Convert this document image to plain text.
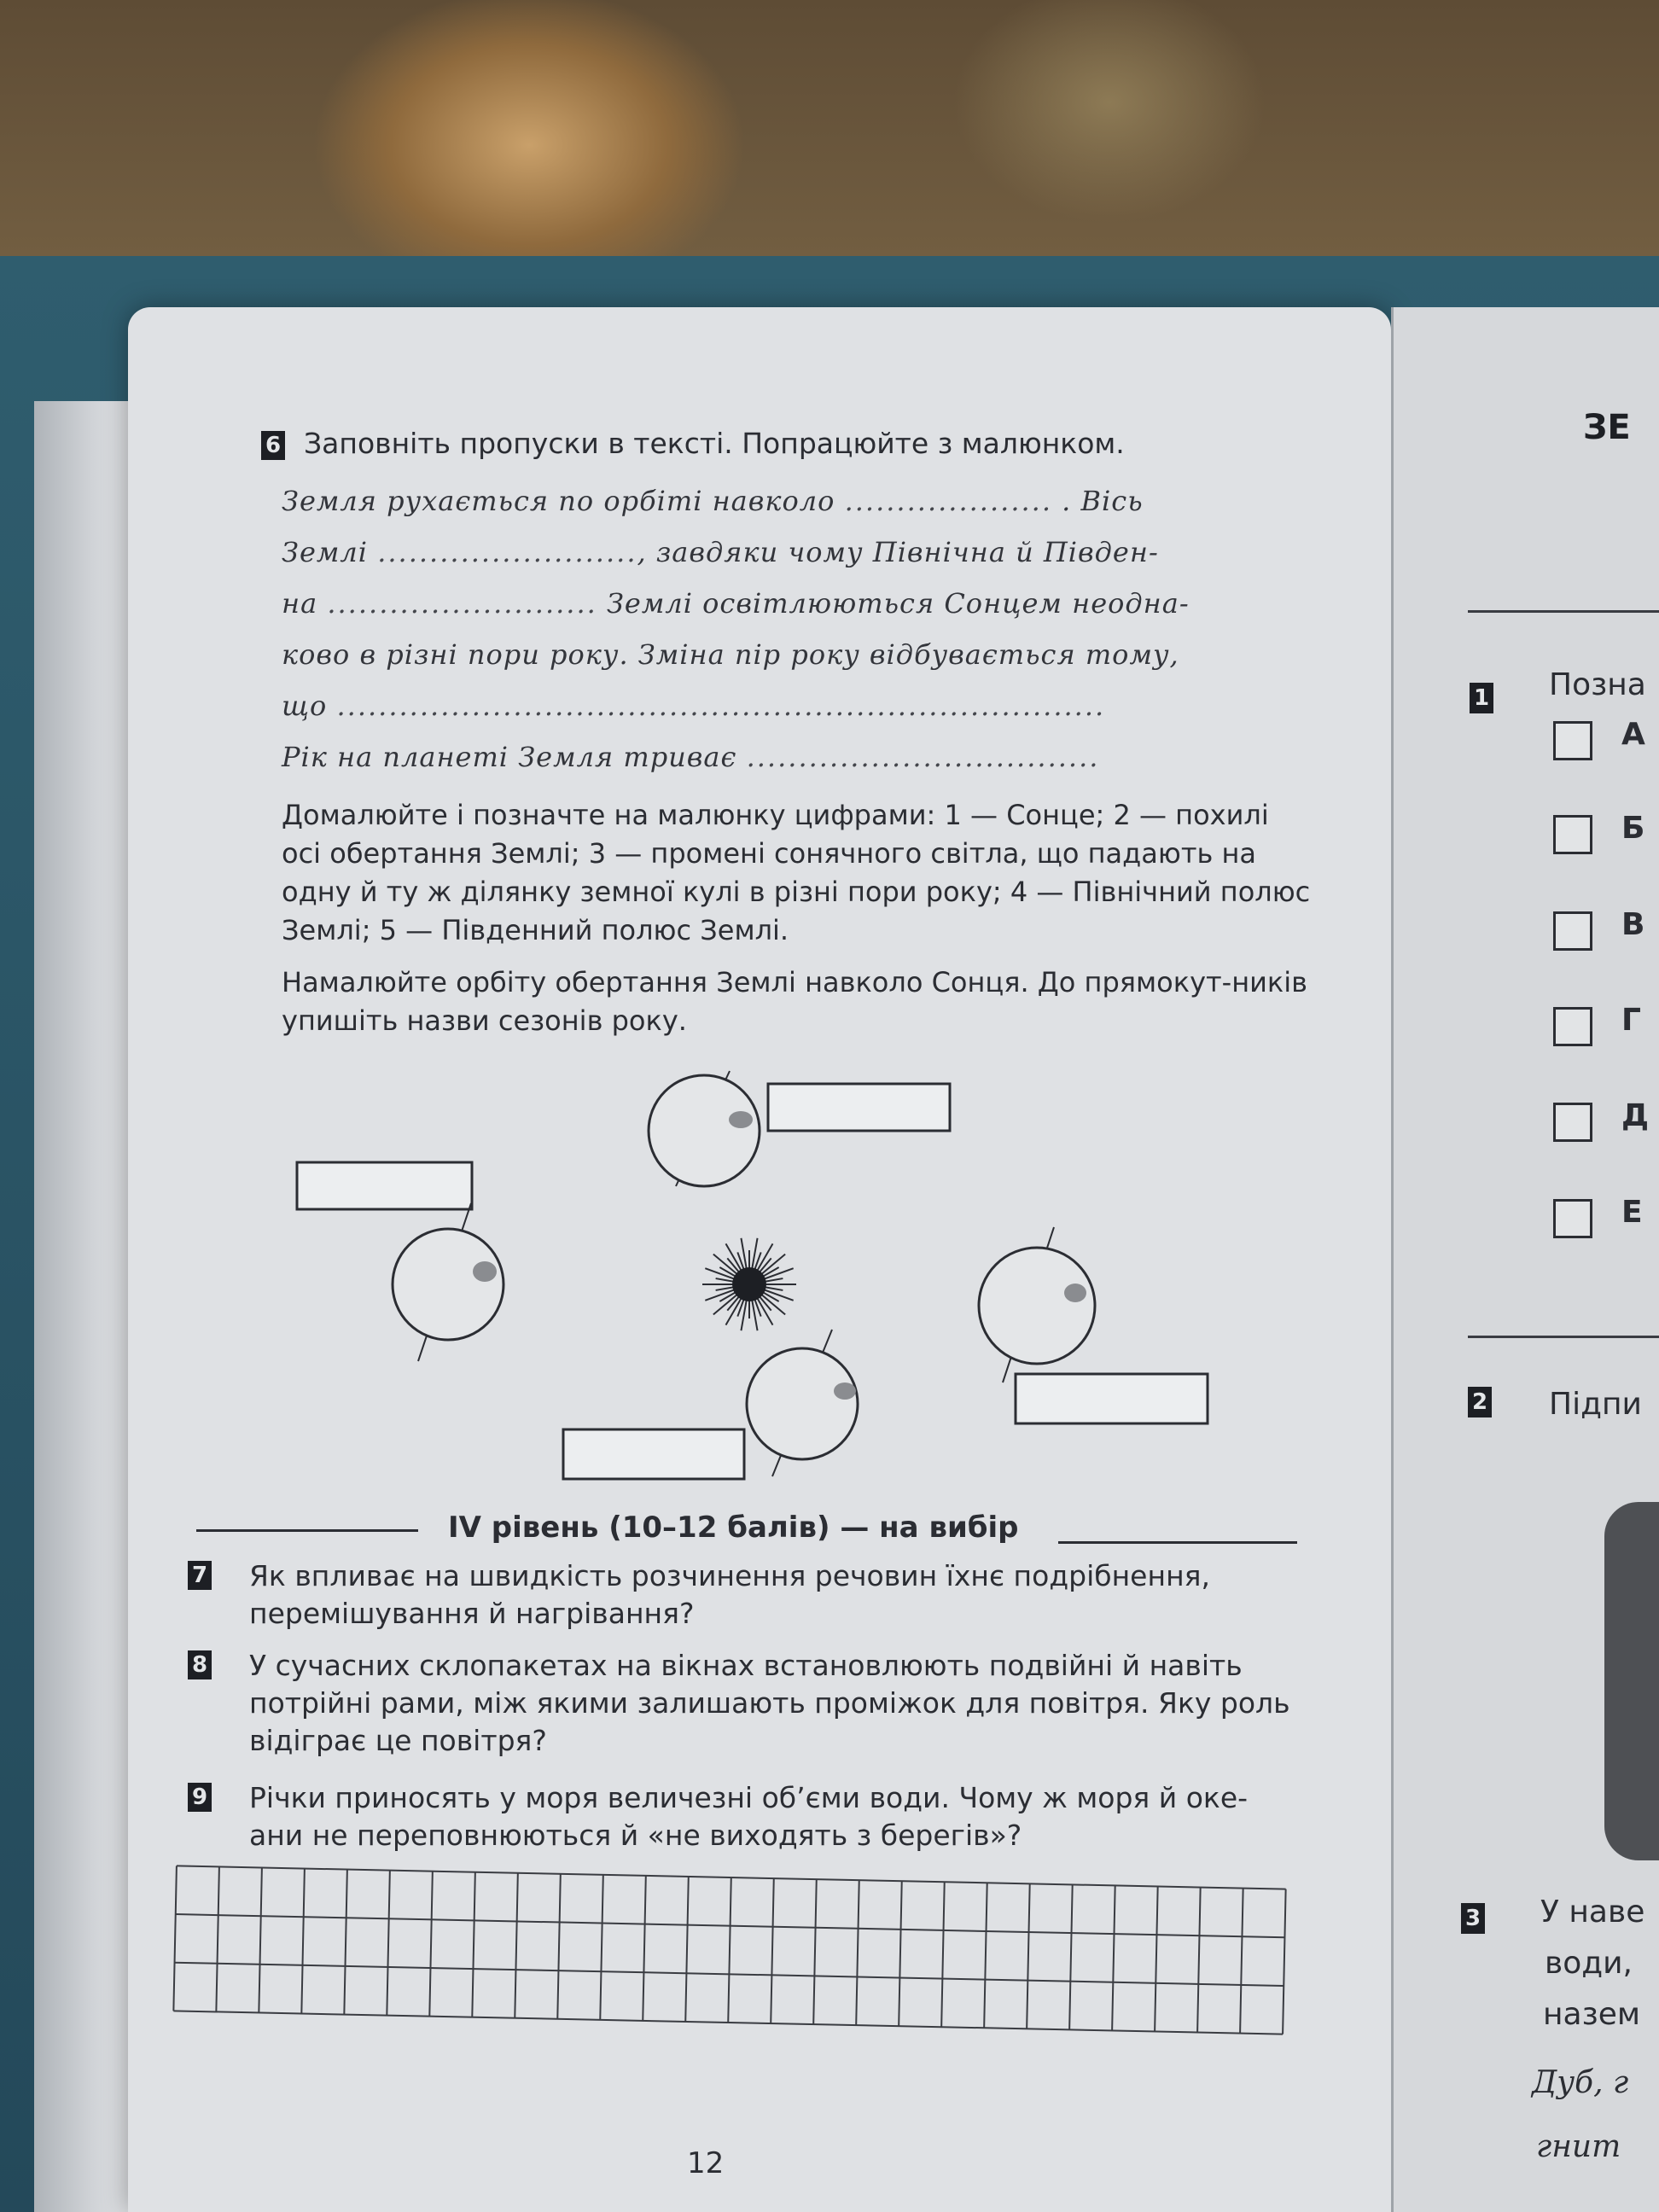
6 Заповніть пропуски в тексті. Попрацюйте з малюнком.
Земля рухається по орбіті навколо .................... . Вісь
Землі ........................., завдяки чому Північна й Півден-
на .......................... Землі освітлюються Сонцем неодна-
ково в різні пори року. Зміна пір року відбувається тому,
що ..........................................................................
Рік на планеті Земля триває ..................................
Домалюйте і позначте на малюнку цифрами: 1 — Сонце; 2 — похилі осі обертання Землі; 3 — промені сонячного світла, що падають на одну й ту ж ділянку земної кулі в різні пори року; 4 — Північний полюс Землі; 5 — Південний полюс Землі.
Намалюйте орбіту обертання Землі навколо Сонця. До прямокут-ників упишіть назви сезонів року.
IV рівень (10–12 балів) — на вибір
7 Як впливає на швидкість розчинення речовин їхнє подрібнення, перемішування й нагрівання?
8 У сучасних склопакетах на вікнах встановлюють подвійні й навіть потрійні рами, між якими залишають проміжок для повітря. Яку роль відіграє це повітря?
9 Річки приносять у моря величезні об’єми води. Чому ж моря й оке-ани не переповнюються й «не виходять з берегів»?
12
ЗЕ
1 Позна
А
Б
В
Г
Д
Е
2 Підпи
3 У наве
води,
назем
Дуб, г
гнит
